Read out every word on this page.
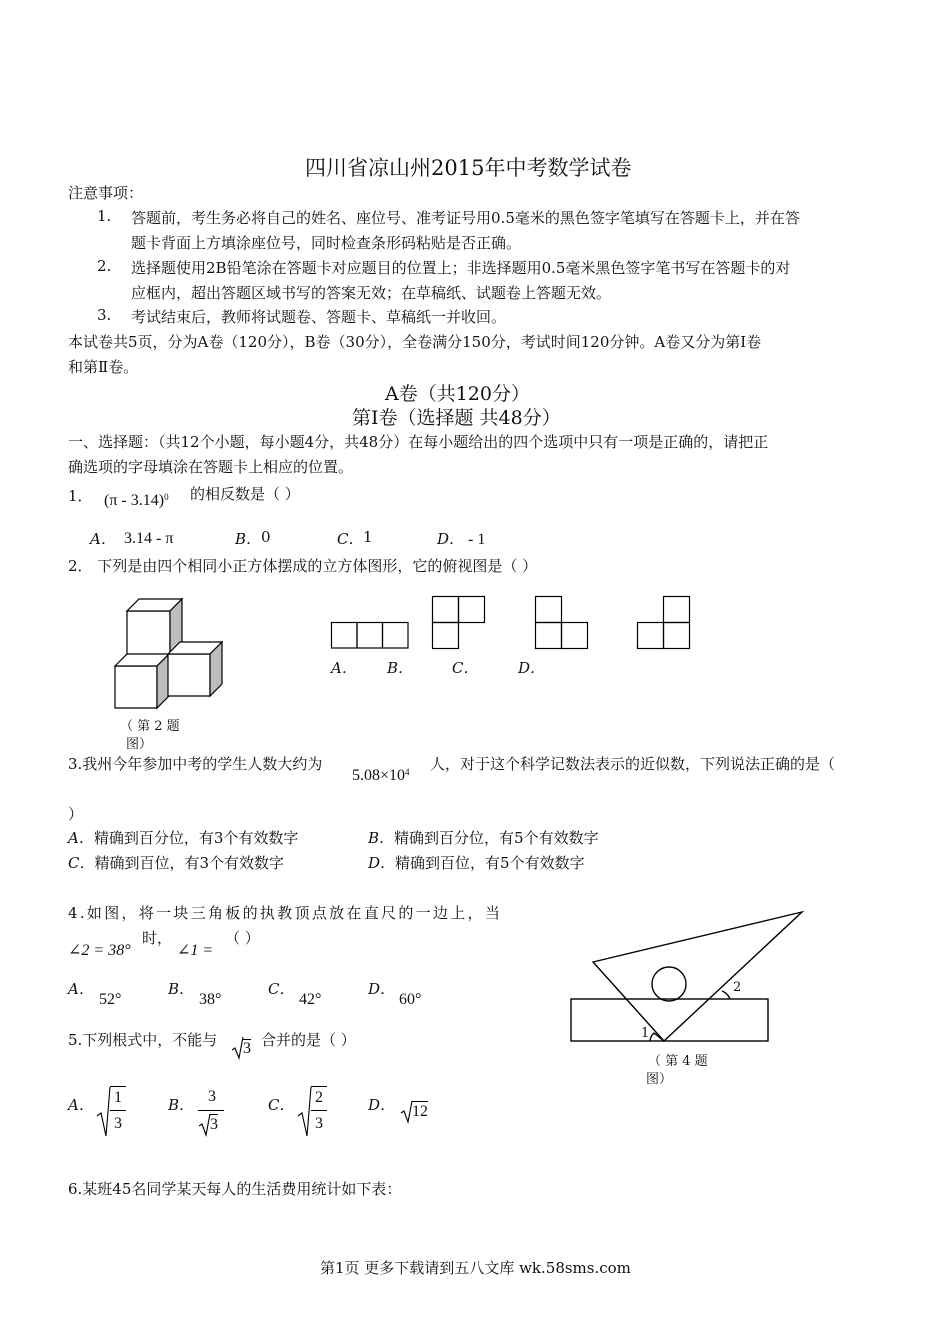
四川省凉山州2015年中考数学试卷
注意事项：
1. 答题前，考生务必将自己的姓名、座位号、准考证号用0.5毫米的黑色签字笔填写在答题卡上，并在答
题卡背面上方填涂座位号，同时检查条形码粘贴是否正确。
2. 选择题使用2B铅笔涂在答题卡对应题目的位置上；非选择题用0.5毫米黑色签字笔书写在答题卡的对
应框内，超出答题区域书写的答案无效；在草稿纸、试题卷上答题无效。
3. 考试结束后，教师将试题卷、答题卡、草稿纸一并收回。
本试卷共5页，分为A卷（120分），B卷（30分），全卷满分150分，考试时间120分钟。A卷又分为第Ⅰ卷
和第Ⅱ卷。
A卷（共120分）
第Ⅰ卷（选择题 共48分）
一、选择题：（共12个小题，每小题4分，共48分）在每小题给出的四个选项中只有一项是正确的，请把正
确选项的字母填涂在答题卡上相应的位置。
1． (π - 3.14)$^0$ 的相反数是（ ）
A． 3.14 - π	B． 0	C． 1	D． - 1
2． 下列是由四个相同小正方体摆成的立方体图形，它的俯视图是（ ）
（ 第 2 题
图）
A． B．	C．	D．
3.我州今年参加中考的学生人数大约为
$5.08\times 10^4$ 人，对于这个科学记数法表示的近似数，下列说法正确的是（
）
A．精确到百分位，有3个有效数字	B．精确到百分位，有5个有效数字
C．精确到百位，有3个有效数字	D．精确到百位，有5个有效数字
4.如图，将一块三角板的执教顶点放在直尺的一边上，当
∠2 = 38°
时，
∠1 =
（ ）
A．
52°
B．
38°
C．
42°
D．
60°
2
1
（ 第 4 题
图）
5.下列根式中，不能与 3 合并的是（ ）
A． 1
3
B． 3
3
C． 2
3
D． 12
6.某班45名同学某天每人的生活费用统计如下表：
第1页 更多下载请到五八文库 wk.58sms.com
